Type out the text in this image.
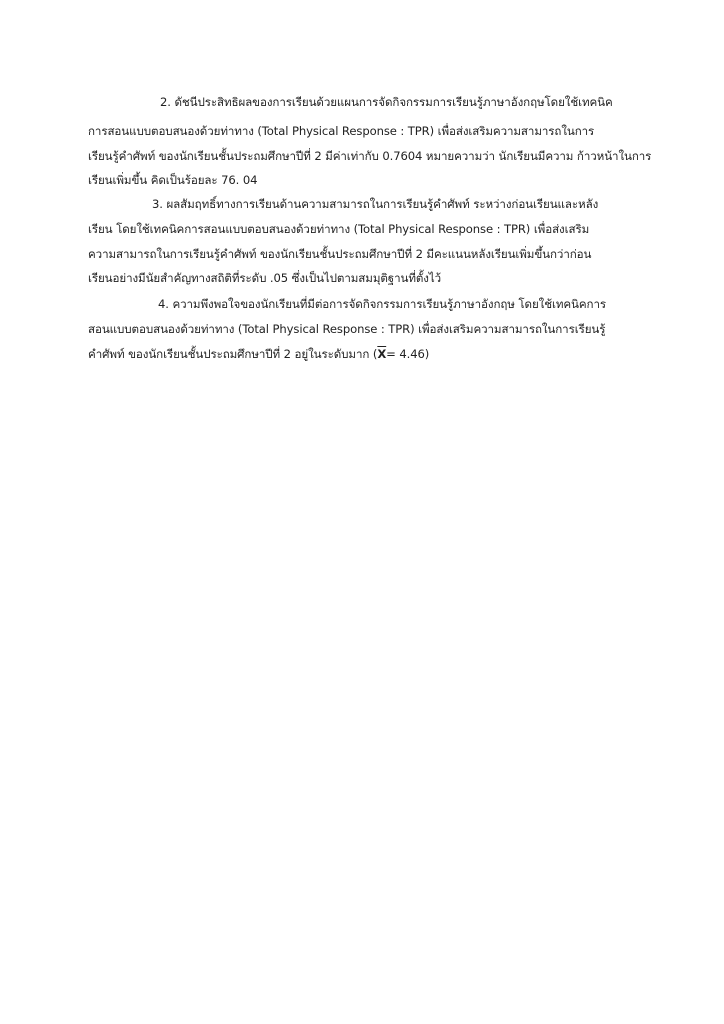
2. ดัชนีประสิทธิผลของการเรียนด้วยแผนการจัดกิจกรรมการเรียนรู้ภาษาอังกฤษโดยใช้เทคนิค
การสอนแบบตอบสนองด้วยท่าทาง (Total Physical Response : TPR) เพื่อส่งเสริมความสามารถในการ
เรียนรู้คำศัพท์ ของนักเรียนชั้นประถมศึกษาปีที่ 2 มีค่าเท่ากับ 0.7604 หมายความว่า นักเรียนมีความ ก้าวหน้าในการ
เรียนเพิ่มขึ้น คิดเป็นร้อยละ 76. 04
3. ผลสัมฤทธิ์ทางการเรียนด้านความสามารถในการเรียนรู้คำศัพท์ ระหว่างก่อนเรียนและหลัง
เรียน โดยใช้เทคนิคการสอนแบบตอบสนองด้วยท่าทาง (Total Physical Response : TPR) เพื่อส่งเสริม
ความสามารถในการเรียนรู้คำศัพท์ ของนักเรียนชั้นประถมศึกษาปีที่ 2 มีคะแนนหลังเรียนเพิ่มขึ้นกว่าก่อน
เรียนอย่างมีนัยสำคัญทางสถิติที่ระดับ .05 ซึ่งเป็นไปตามสมมุติฐานที่ตั้งไว้
4. ความพึงพอใจของนักเรียนที่มีต่อการจัดกิจกรรมการเรียนรู้ภาษาอังกฤษ โดยใช้เทคนิคการ
สอนแบบตอบสนองด้วยท่าทาง (Total Physical Response : TPR) เพื่อส่งเสริมความสามารถในการเรียนรู้
คำศัพท์ ของนักเรียนชั้นประถมศึกษาปีที่ 2 อยู่ในระดับมาก $(\overline{X}= 4.46)$
